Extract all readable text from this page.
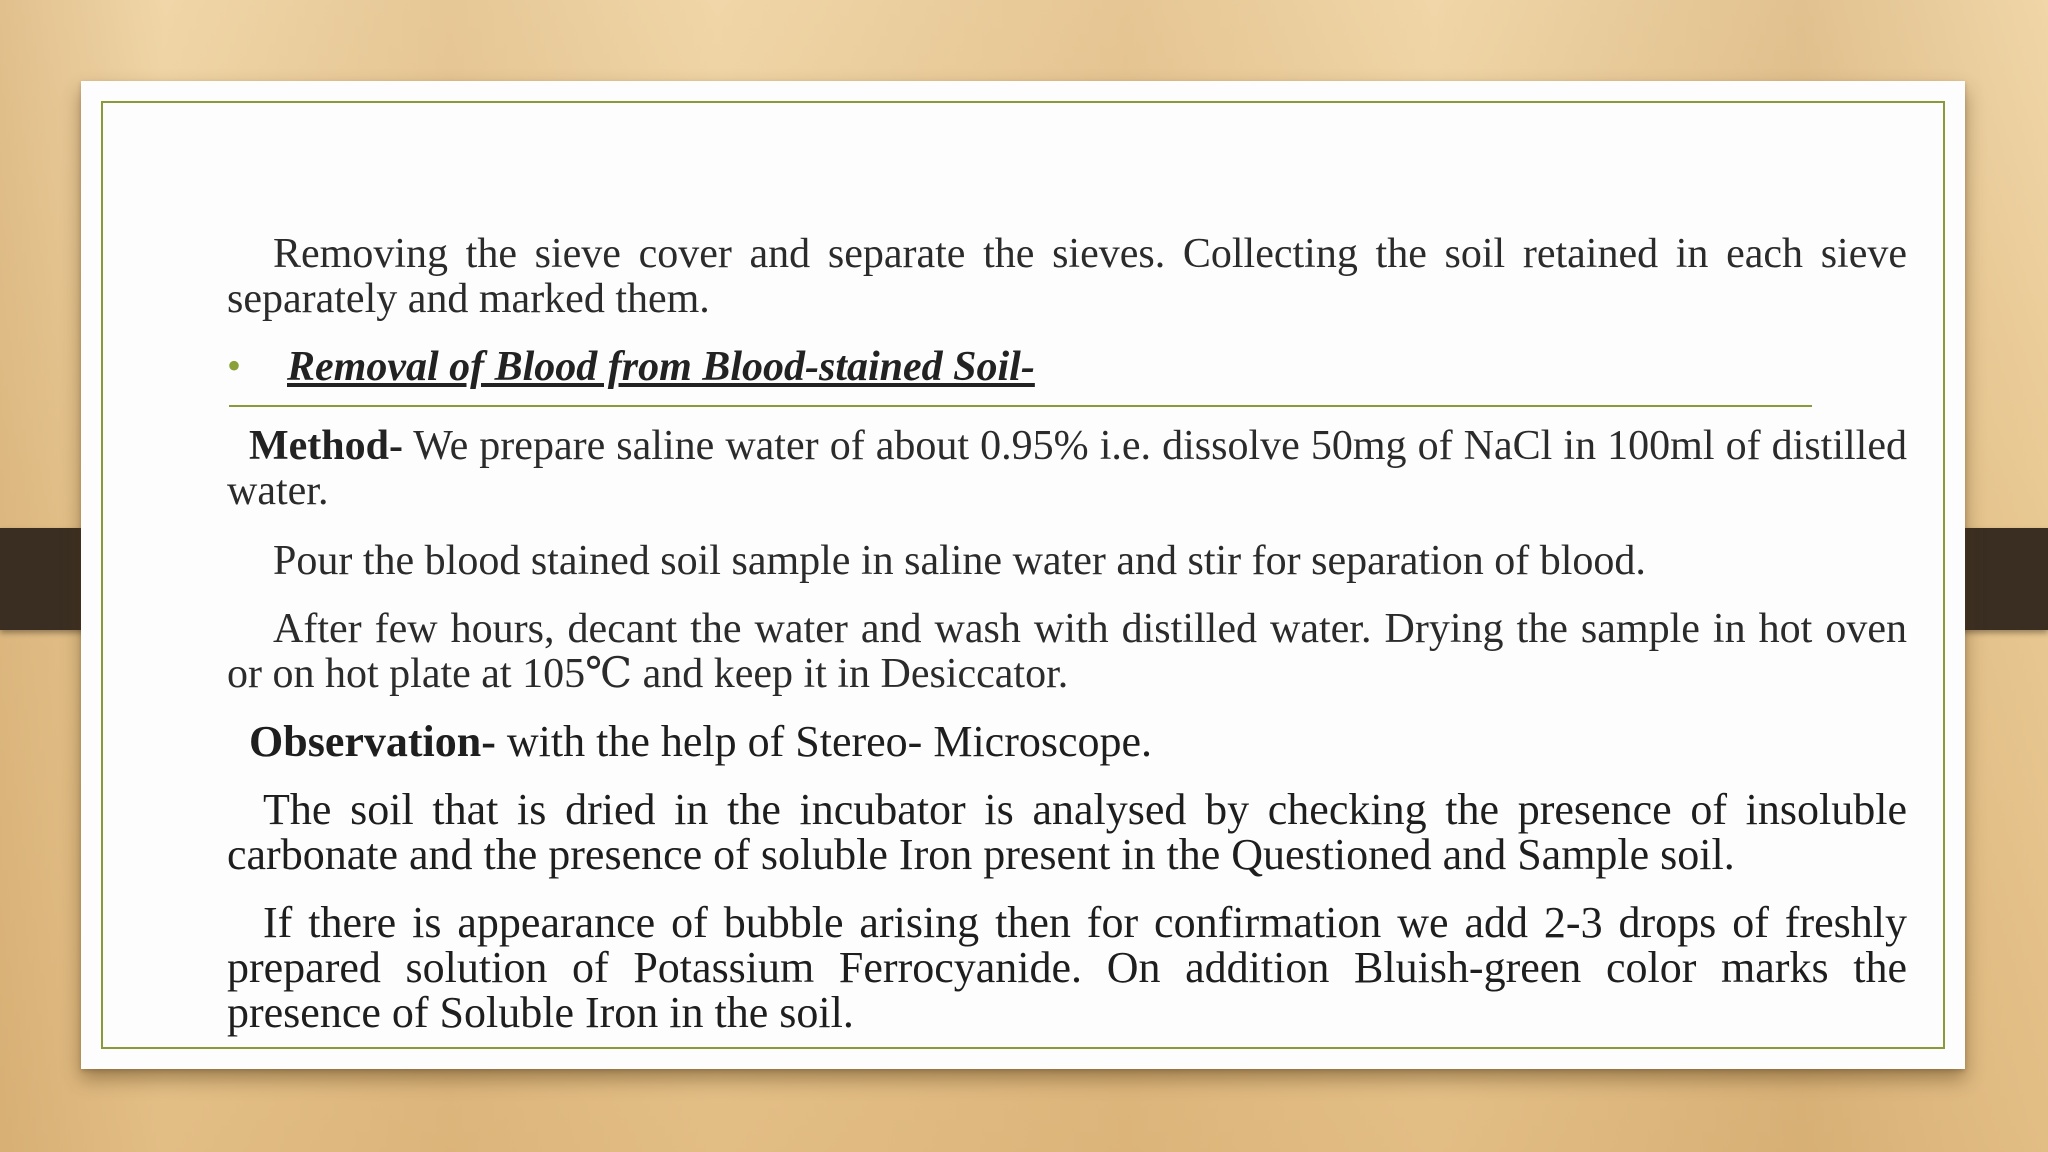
Removing the sieve cover and separate the sieves. Collecting the soil retained in each sieve separately and marked them.

• Removal of Blood from Blood-stained Soil-

Method- We prepare saline water of about 0.95% i.e. dissolve 50mg of NaCl in 100ml of distilled water.

Pour the blood stained soil sample in saline water and stir for separation of blood.

After few hours, decant the water and wash with distilled water. Drying the sample in hot oven or on hot plate at 105℃ and keep it in Desiccator.

Observation- with the help of Stereo- Microscope.

The soil that is dried in the incubator is analysed by checking the presence of insoluble carbonate and the presence of soluble Iron present in the Questioned and Sample soil.

If there is appearance of bubble arising then for confirmation we add 2-3 drops of freshly prepared solution of Potassium Ferrocyanide. On addition Bluish-green color marks the presence of Soluble Iron in the soil.
